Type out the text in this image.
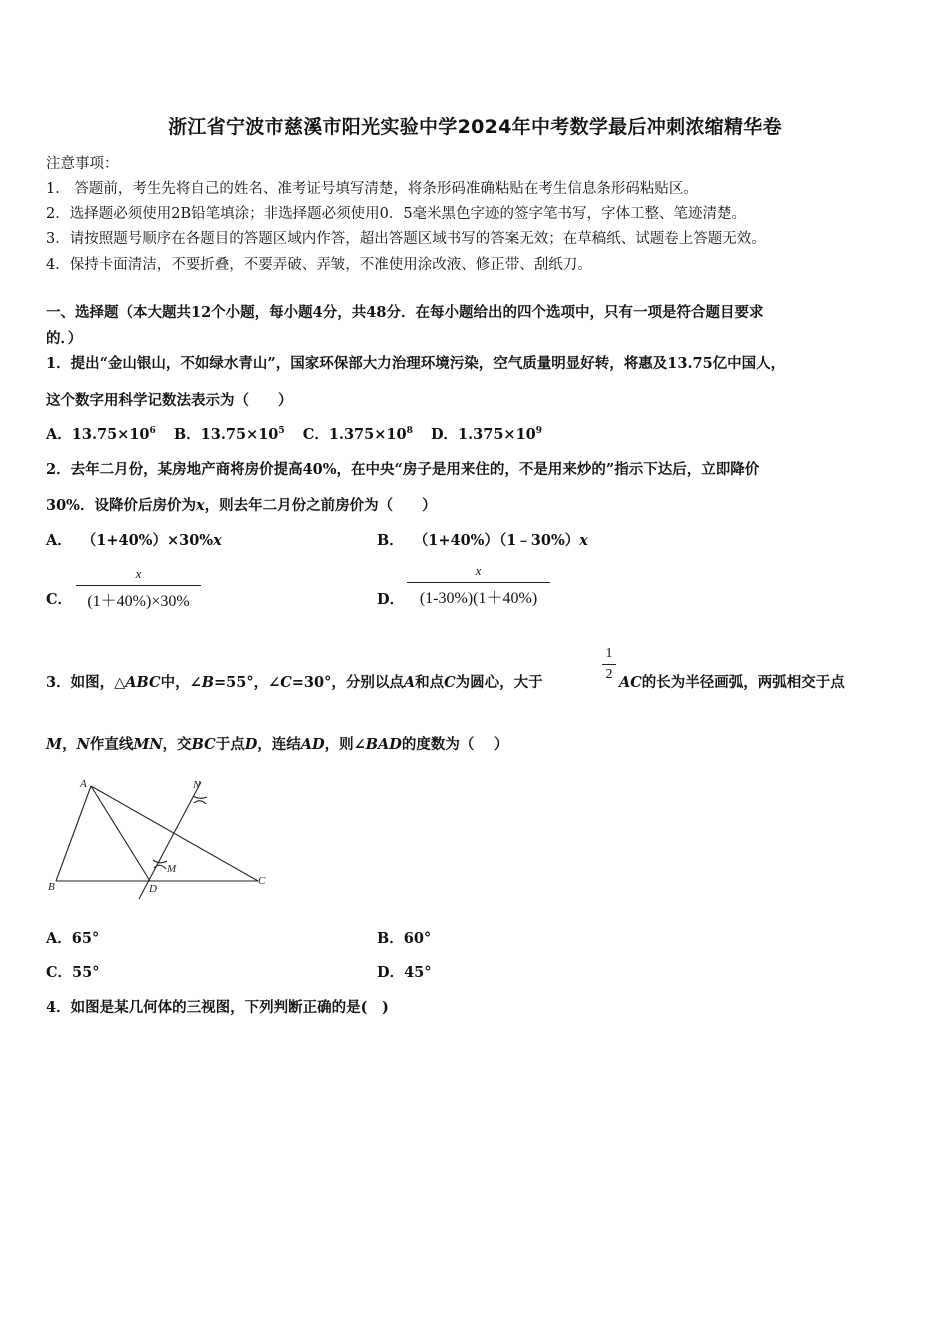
浙江省宁波市慈溪市阳光实验中学2024年中考数学最后冲刺浓缩精华卷
注意事项：
1． 答题前，考生先将自己的姓名、准考证号填写清楚，将条形码准确粘贴在考生信息条形码粘贴区。
2．选择题必须使用2B铅笔填涂；非选择题必须使用0．5毫米黑色字迹的签字笔书写，字体工整、笔迹清楚。
3．请按照题号顺序在各题目的答题区域内作答，超出答题区域书写的答案无效；在草稿纸、试题卷上答题无效。
4．保持卡面清洁，不要折叠，不要弄破、弄皱，不准使用涂改液、修正带、刮纸刀。
一、选择题（本大题共12个小题，每小题4分，共48分．在每小题给出的四个选项中，只有一项是符合题目要求
的．）
1．提出“金山银山，不如绿水青山”，国家环保部大力治理环境污染，空气质量明显好转，将惠及13.75亿中国人，
这个数字用科学记数法表示为（　　）
A．$13.75\times 10^6$ B．$13.75\times 10^5$ C．$1.375\times 10^8$ D．$1.375\times 10^9$
2．去年二月份，某房地产商将房价提高40%，在中央“房子是用来住的，不是用来炒的”指示下达后，立即降价
30%．设降价后房价为x，则去年二月份之前房价为（　　）
A． （1+40%）×30%x	B． （1+40%）（1﹣30%）x
C．
x
(1＋40%)×30%	D．
x
(1-30%)(1＋40%)
3．如图，△ABC中，∠B=55°，∠C=30°，分别以点A和点C为圆心，大于
1
2 AC的长为半径画弧，两弧相交于点
M，N作直线MN，交BC于点D，连结AD，则∠BAD的度数为（　 ）
A
B	C
D
M
N
A．65°	B．60°
C．55°	D．45°
4．如图是某几何体的三视图，下列判断正确的是(　)
